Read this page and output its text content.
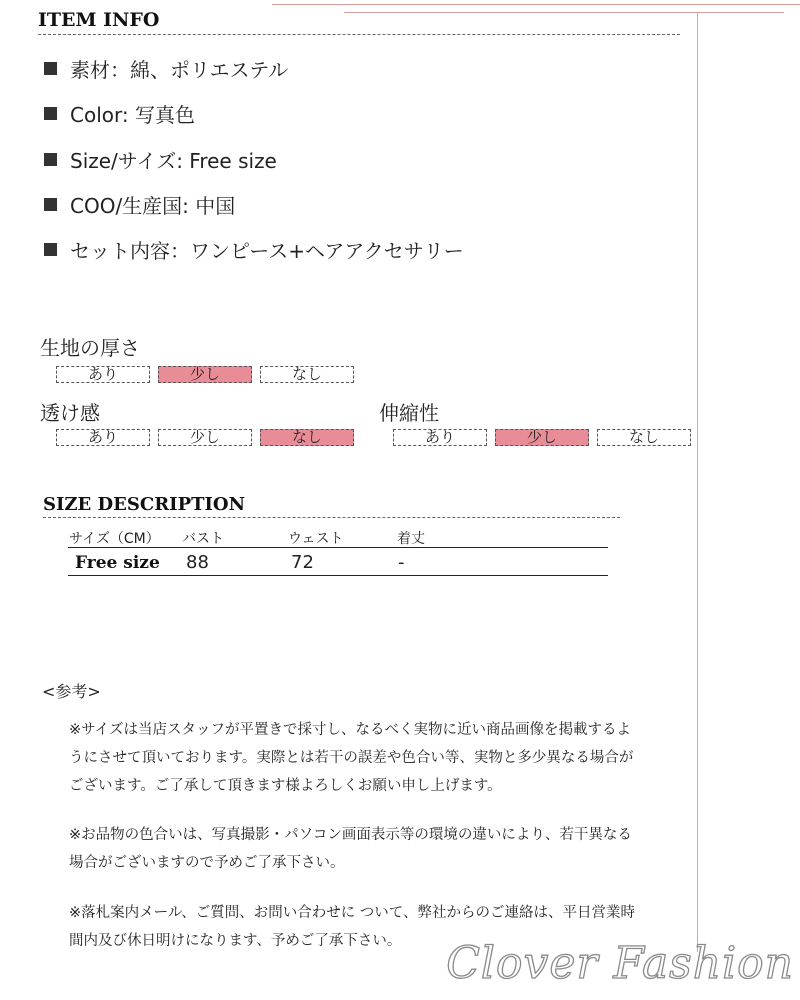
ITEM INFO
素材：綿、ポリエステル
Color: 写真色
Size/サイズ: Free size
COO/生産国: 中国
セット内容：ワンピース+ヘアアクセサリー
生地の厚さ
あり	少し	なし
透け感
あり	少し	なし
伸縮性
あり	少し	なし
SIZE DESCRIPTION
サイズ（CM） バスト	ウェスト	着丈
Free size 88	72	-
<参考>
※サイズは当店スタッフが平置きで採寸し、なるべく実物に近い商品画像を掲載するよ
うにさせて頂いております。実際とは若干の誤差や色合い等、実物と多少異なる場合が
ございます。ご了承して頂きます様よろしくお願い申し上げます。
※お品物の色合いは、写真撮影・パソコン画面表示等の環境の違いにより、若干異なる
場合がございますので予めご了承下さい。
※落札案内メール、ご質問、お問い合わせに ついて、弊社からのご連絡は、平日営業時
間内及び休日明けになります、予めご了承下さい。	Clover Fashion
